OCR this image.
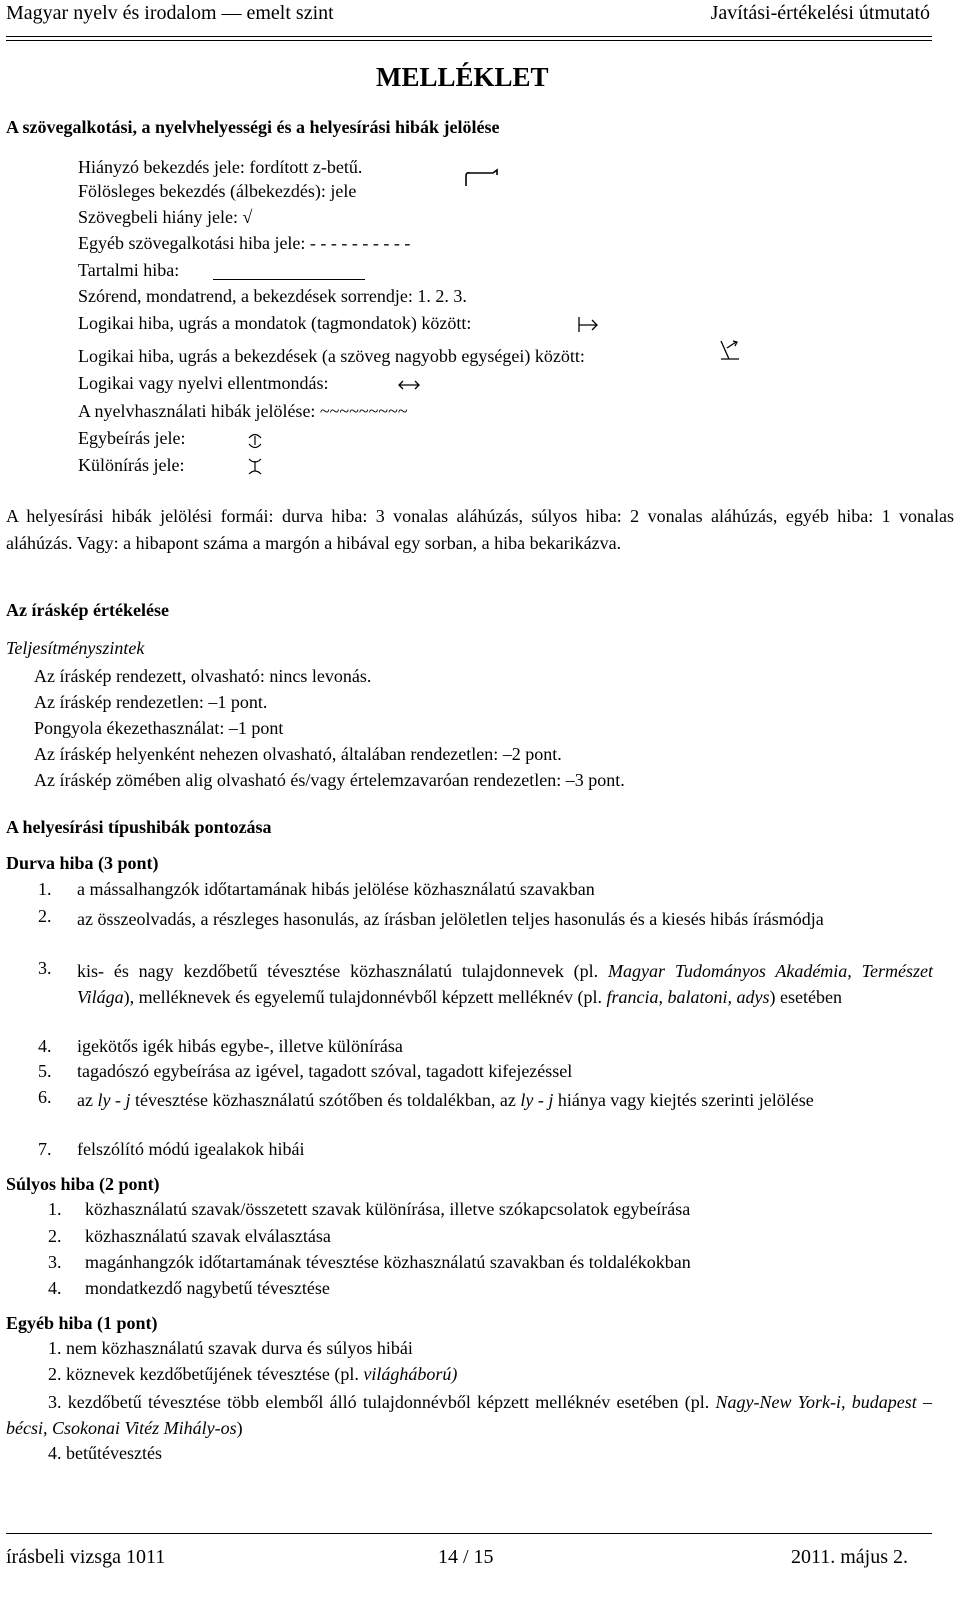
Magyar nyelv és irodalom — emelt szint	Javítási-értékelési útmutató
MELLÉKLET
A szövegalkotási, a nyelvhelyességi és a helyesírási hibák jelölése
Hiányzó bekezdés jele: fordított z-betű.
Fölösleges bekezdés (álbekezdés): jele
Szövegbeli hiány jele: √
Egyéb szövegalkotási hiba jele: - - - - - - - - - -
Tartalmi hiba:
Szórend, mondatrend, a bekezdések sorrendje: 1. 2. 3.
Logikai hiba, ugrás a mondatok (tagmondatok) között:
Logikai hiba, ugrás a bekezdések (a szöveg nagyobb egységei) között:
Logikai vagy nyelvi ellentmondás:
A nyelvhasználati hibák jelölése: ~~~~~~~~~
Egybeírás jele:
Különírás jele:
A helyesírási hibák jelölési formái: durva hiba: 3 vonalas aláhúzás, súlyos hiba: 2 vonalas aláhúzás, egyéb hiba: 1 vonalas aláhúzás. Vagy: a hibapont száma a margón a hibával egy sorban, a hiba bekarikázva.
Az íráskép értékelése
Teljesítményszintek
Az íráskép rendezett, olvasható: nincs levonás.
Az íráskép rendezetlen: –1 pont.
Pongyola ékezethasználat: –1 pont
Az íráskép helyenként nehezen olvasható, általában rendezetlen: –2 pont.
Az íráskép zömében alig olvasható és/vagy értelemzavaróan rendezetlen: –3 pont.
A helyesírási típushibák pontozása
Durva hiba (3 pont)
1. a mássalhangzók időtartamának hibás jelölése közhasználatú szavakban
2. az összeolvadás, a részleges hasonulás, az írásban jelöletlen teljes hasonulás és a kiesés hibás írásmódja
3. kis- és nagy kezdőbetű tévesztése közhasználatú tulajdonnevek (pl. Magyar Tudományos Akadémia, Természet Világa), melléknevek és egyelemű tulajdonnévből képzett melléknév (pl. francia, balatoni, adys) esetében
4. igekötős igék hibás egybe-, illetve különírása
5. tagadószó egybeírása az igével, tagadott szóval, tagadott kifejezéssel
6. az ly - j tévesztése közhasználatú szótőben és toldalékban, az ly - j hiánya vagy kiejtés szerinti jelölése
7. felszólító módú igealakok hibái
Súlyos hiba (2 pont)
1. közhasználatú szavak/összetett szavak különírása, illetve szókapcsolatok egybeírása
2. közhasználatú szavak elválasztása
3. magánhangzók időtartamának tévesztése közhasználatú szavakban és toldalékokban
4. mondatkezdő nagybetű tévesztése
Egyéb hiba (1 pont)
1. nem közhasználatú szavak durva és súlyos hibái
2. köznevek kezdőbetűjének tévesztése (pl. világháború)
3. kezdőbetű tévesztése több elemből álló tulajdonnévből képzett melléknév esetében (pl. Nagy-New York-i, budapest – bécsi, Csokonai Vitéz Mihály-os)
4. betűtévesztés
írásbeli vizsga 1011	14 / 15	2011. május 2.
